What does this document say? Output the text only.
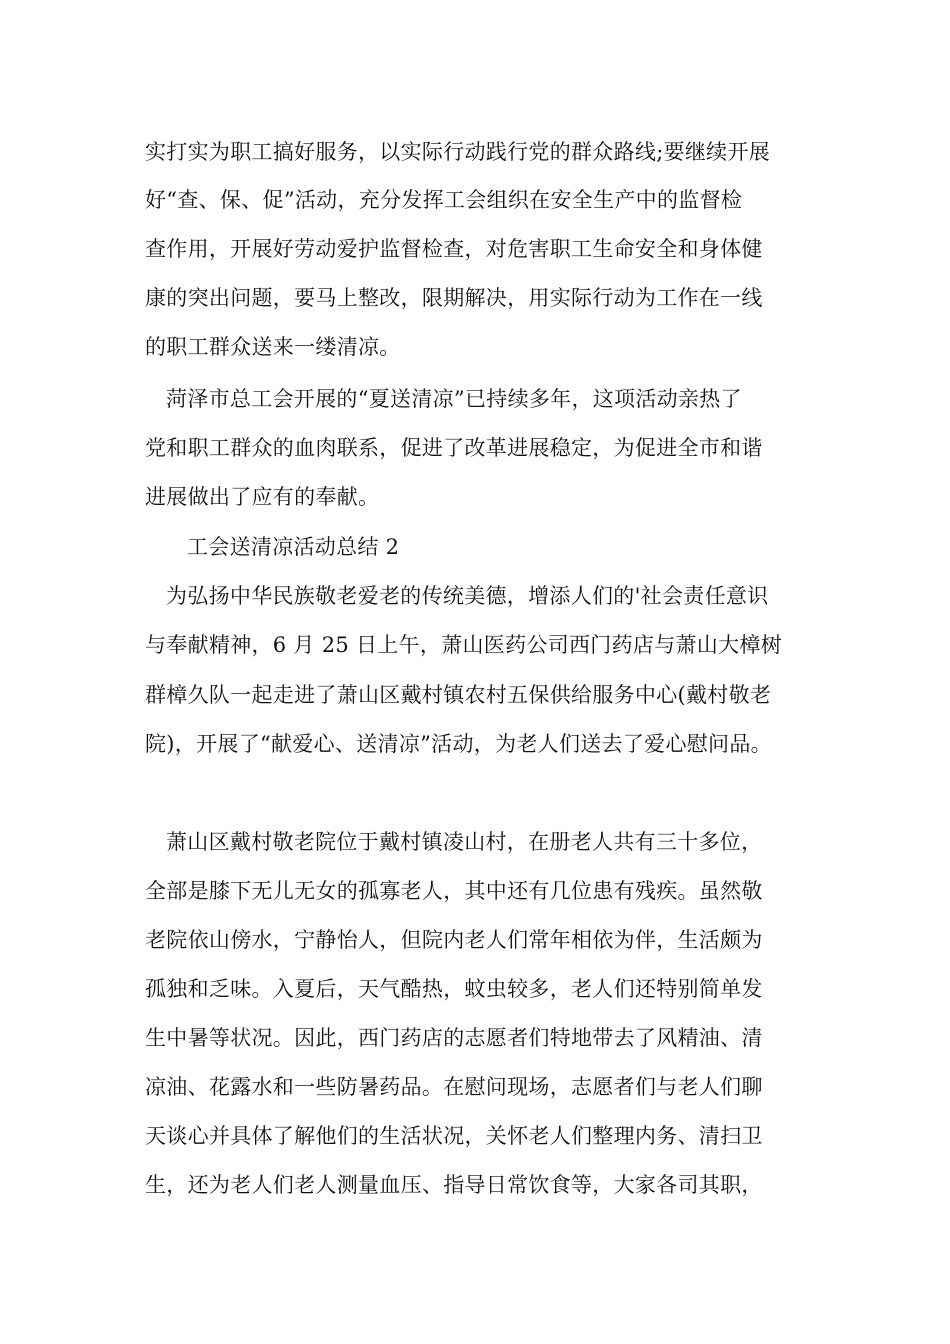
实打实为职工搞好服务，以实际行动践行党的群众路线;要继续开展
好“查、保、促”活动，充分发挥工会组织在安全生产中的监督检
查作用，开展好劳动爱护监督检查，对危害职工生命安全和身体健
康的突出问题，要马上整改，限期解决，用实际行动为工作在一线
的职工群众送来一缕清凉。
菏泽市总工会开展的“夏送清凉”已持续多年，这项活动亲热了
党和职工群众的血肉联系，促进了改革进展稳定，为促进全市和谐
进展做出了应有的奉献。
工会送清凉活动总结 2
为弘扬中华民族敬老爱老的传统美德，增添人们的'社会责任意识
与奉献精神，6 月 25 日上午，萧山医药公司西门药店与萧山大樟树
群樟久队一起走进了萧山区戴村镇农村五保供给服务中心(戴村敬老
院)，开展了“献爱心、送清凉”活动，为老人们送去了爱心慰问品。
萧山区戴村敬老院位于戴村镇凌山村，在册老人共有三十多位，
全部是膝下无儿无女的孤寡老人，其中还有几位患有残疾。虽然敬
老院依山傍水，宁静怡人，但院内老人们常年相依为伴，生活颇为
孤独和乏味。入夏后，天气酷热，蚊虫较多，老人们还特别简单发
生中暑等状况。因此，西门药店的志愿者们特地带去了风精油、清
凉油、花露水和一些防暑药品。在慰问现场，志愿者们与老人们聊
天谈心并具体了解他们的生活状况，关怀老人们整理内务、清扫卫
生，还为老人们老人测量血压、指导日常饮食等，大家各司其职，
